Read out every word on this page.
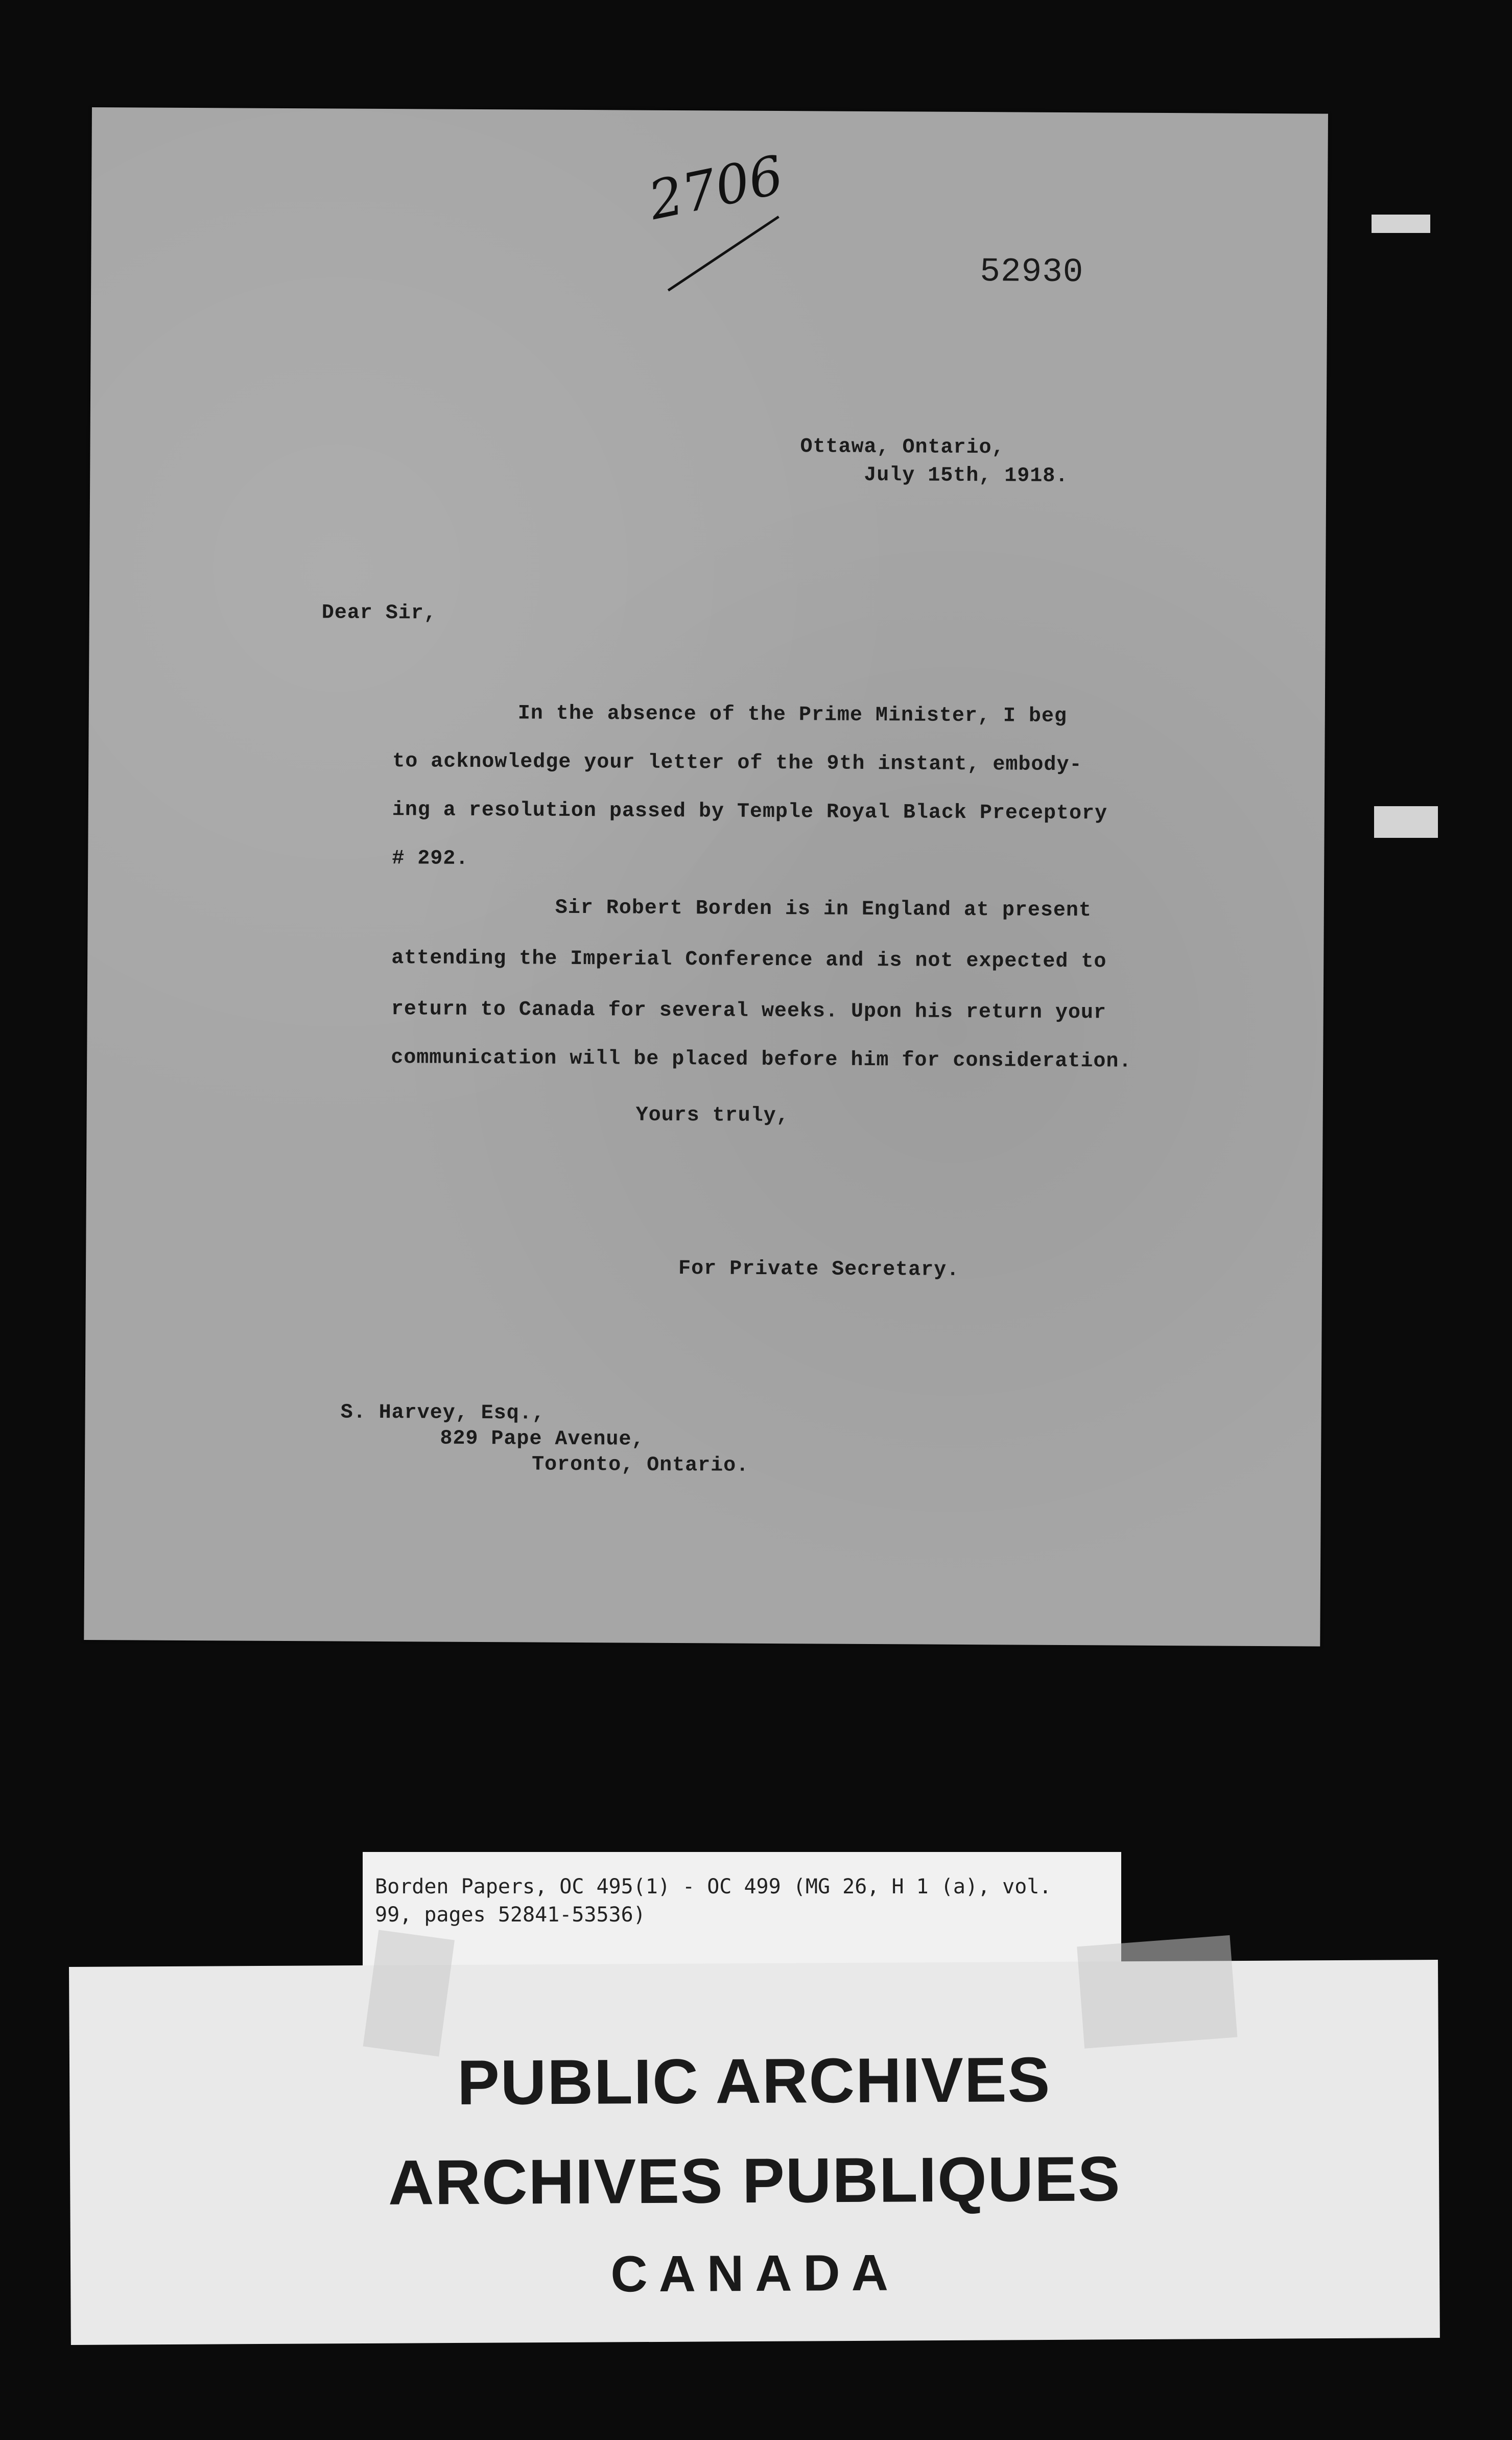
2706
52930
Ottawa, Ontario,
July 15th, 1918.
Dear Sir,
In the absence of the Prime Minister, I beg
to acknowledge your letter of the 9th instant, embody-
ing a resolution passed by Temple Royal Black Preceptory
# 292.
Sir Robert Borden is in England at present
attending the Imperial Conference and is not expected to
return to Canada for several weeks. Upon his return your
communication will be placed before him for consideration.
Yours truly,
For Private Secretary.
S. Harvey, Esq.,
829 Pape Avenue,
Toronto, Ontario.
Borden Papers, OC 495(1) - OC 499 (MG 26, H 1 (a), vol.
99, pages 52841-53536)
PUBLIC ARCHIVES
ARCHIVES PUBLIQUES
CANADA
